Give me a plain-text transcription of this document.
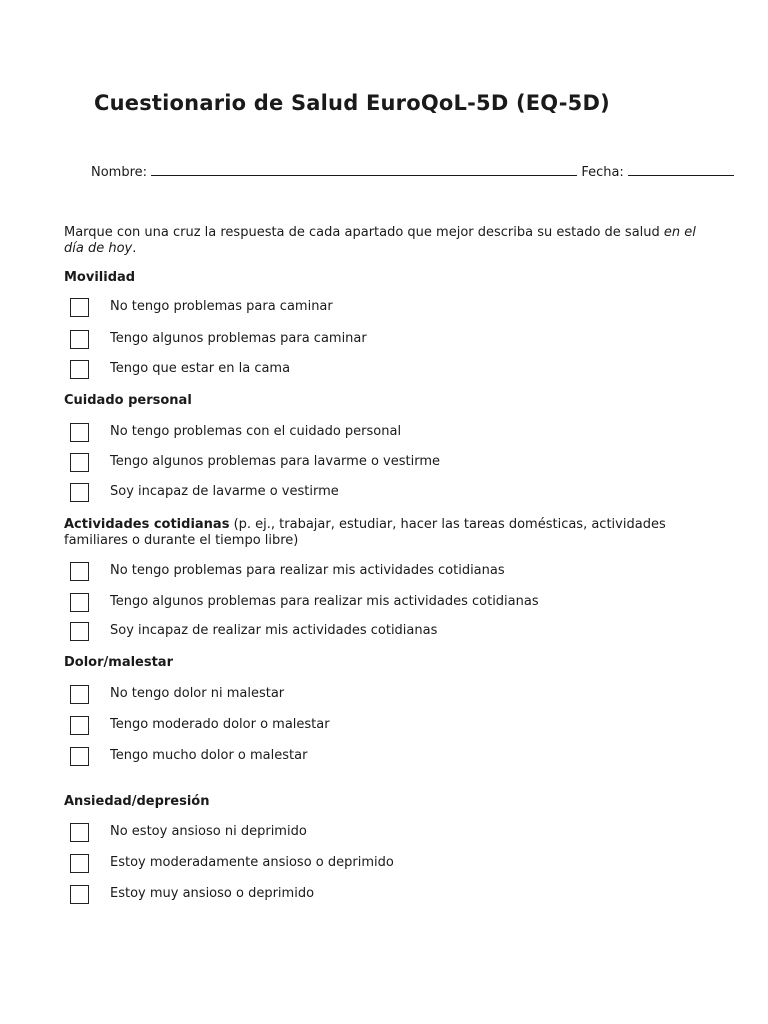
Cuestionario de Salud EuroQoL-5D (EQ-5D)
Nombre:	Fecha:

Marque con una cruz la respuesta de cada apartado que mejor describa su estado de salud en el día de hoy.

Movilidad
No tengo problemas para caminar
Tengo algunos problemas para caminar
Tengo que estar en la cama
Cuidado personal
No tengo problemas con el cuidado personal
Tengo algunos problemas para lavarme o vestirme
Soy incapaz de lavarme o vestirme
Actividades cotidianas (p. ej., trabajar, estudiar, hacer las tareas domésticas, actividades familiares o durante el tiempo libre)
No tengo problemas para realizar mis actividades cotidianas
Tengo algunos problemas para realizar mis actividades cotidianas
Soy incapaz de realizar mis actividades cotidianas
Dolor/malestar
No tengo dolor ni malestar
Tengo moderado dolor o malestar
Tengo mucho dolor o malestar
Ansiedad/depresión
No estoy ansioso ni deprimido
Estoy moderadamente ansioso o deprimido
Estoy muy ansioso o deprimido
